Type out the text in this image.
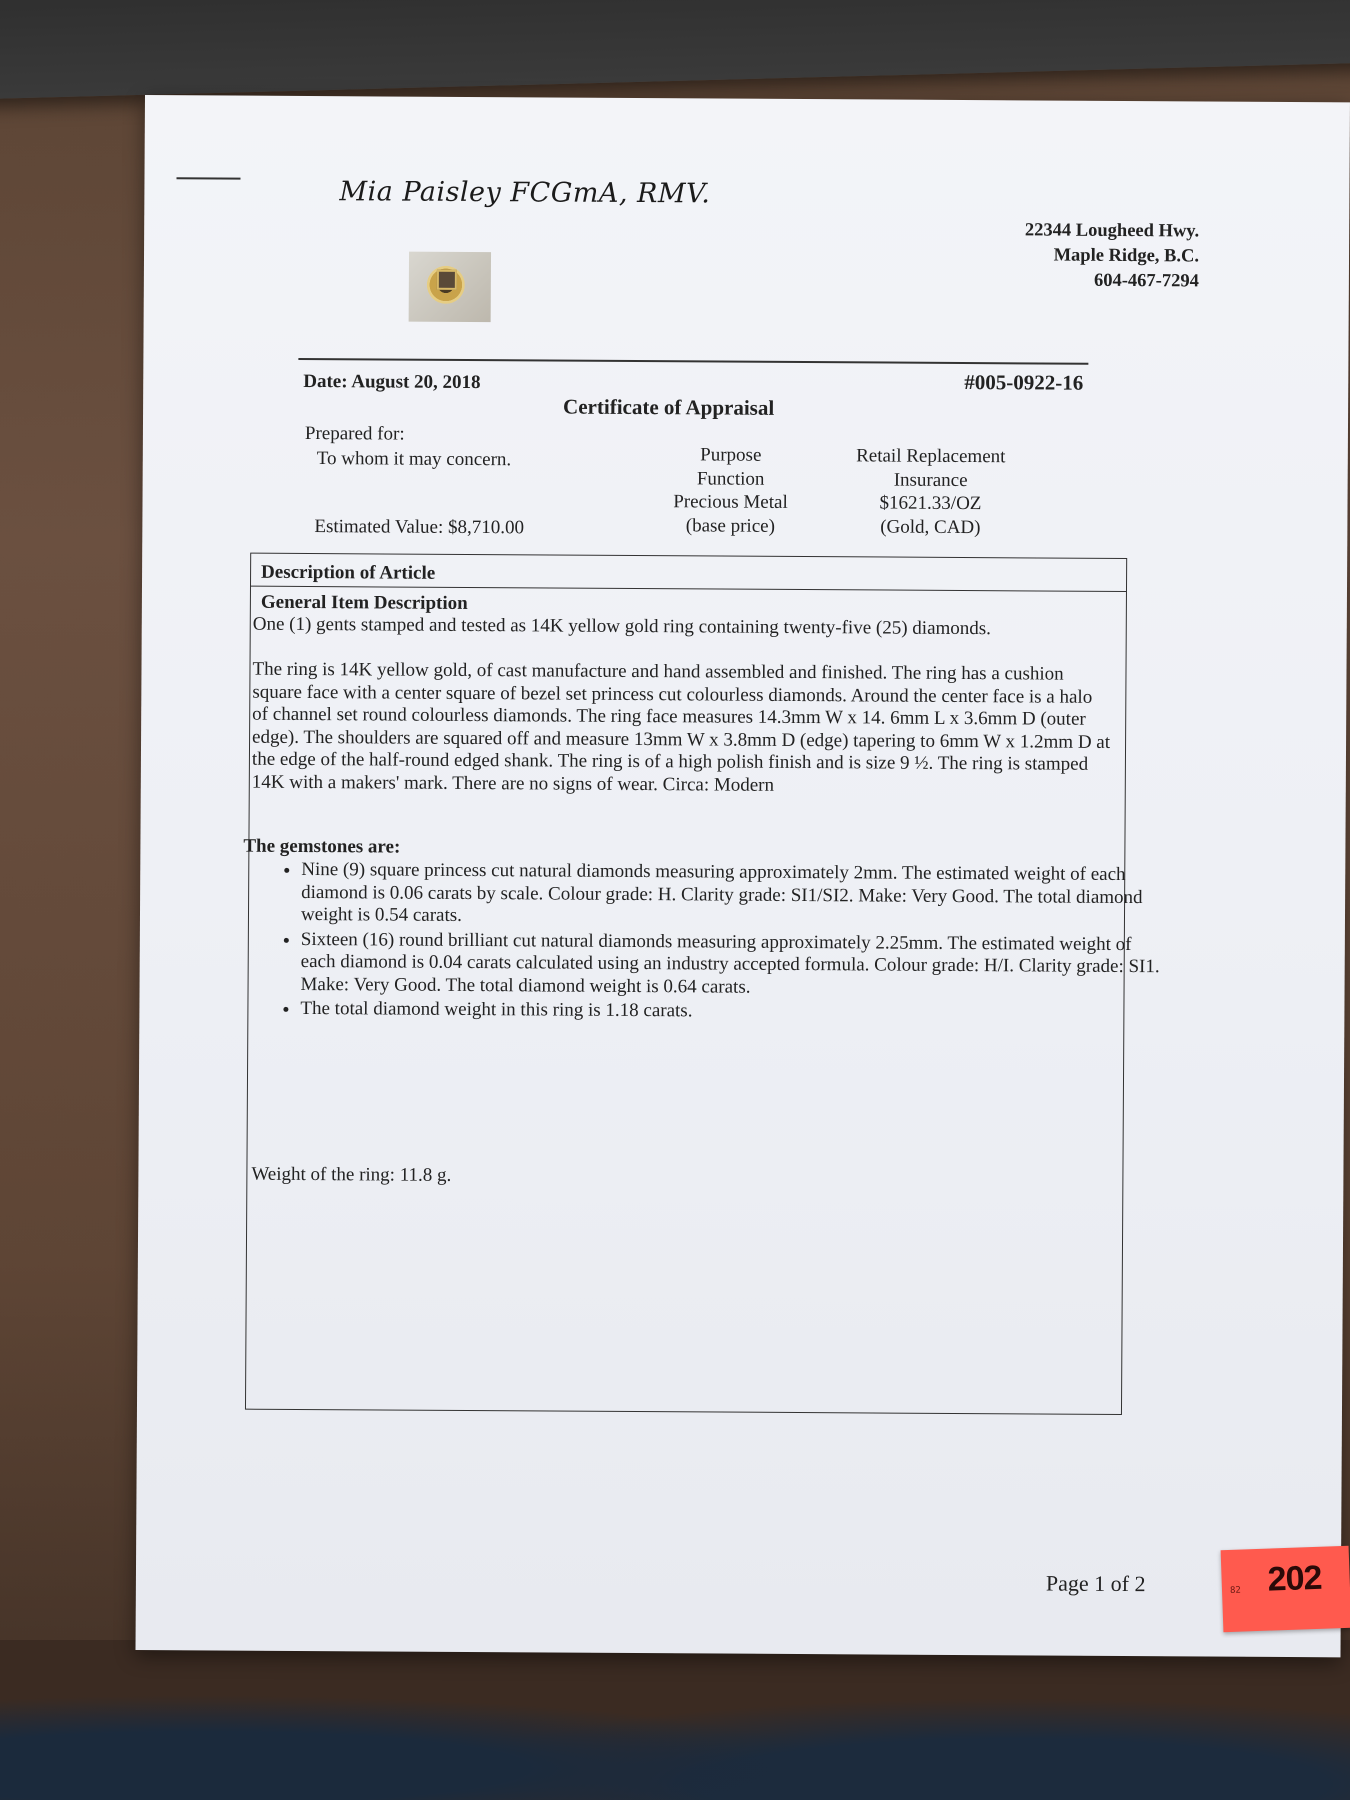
Mia Paisley FCGmA, RMV.
22344 Lougheed Hwy.
Maple Ridge, B.C.
604-467-7294
Date: August 20, 2018	#005-0922-16
Certificate of Appraisal
Prepared for:
To whom it may concern.
Estimated Value: $8,710.00
Purpose
Function
Precious Metal
(base price)
Retail Replacement
Insurance
$1621.33/OZ
(Gold, CAD)
Description of Article
General Item Description
One (1) gents stamped and tested as 14K yellow gold ring containing twenty-five (25) diamonds.
The ring is 14K yellow gold, of cast manufacture and hand assembled and finished. The ring has a cushion square face with a center square of bezel set princess cut colourless diamonds. Around the center face is a halo of channel set round colourless diamonds. The ring face measures 14.3mm W x 14. 6mm L x 3.6mm D (outer edge). The shoulders are squared off and measure 13mm W x 3.8mm D (edge) tapering to 6mm W x 1.2mm D at the edge of the half-round edged shank. The ring is of a high polish finish and is size 9 ½. The ring is stamped 14K with a makers' mark. There are no signs of wear. Circa: Modern
The gemstones are:
• Nine (9) square princess cut natural diamonds measuring approximately 2mm. The estimated weight of each diamond is 0.06 carats by scale. Colour grade: H. Clarity grade: SI1/SI2. Make: Very Good. The total diamond weight is 0.54 carats.
• Sixteen (16) round brilliant cut natural diamonds measuring approximately 2.25mm. The estimated weight of each diamond is 0.04 carats calculated using an industry accepted formula. Colour grade: H/I. Clarity grade: SI1. Make: Very Good. The total diamond weight is 0.64 carats.
• The total diamond weight in this ring is 1.18 carats.
Weight of the ring: 11.8 g.
Page 1 of 2	82 202
